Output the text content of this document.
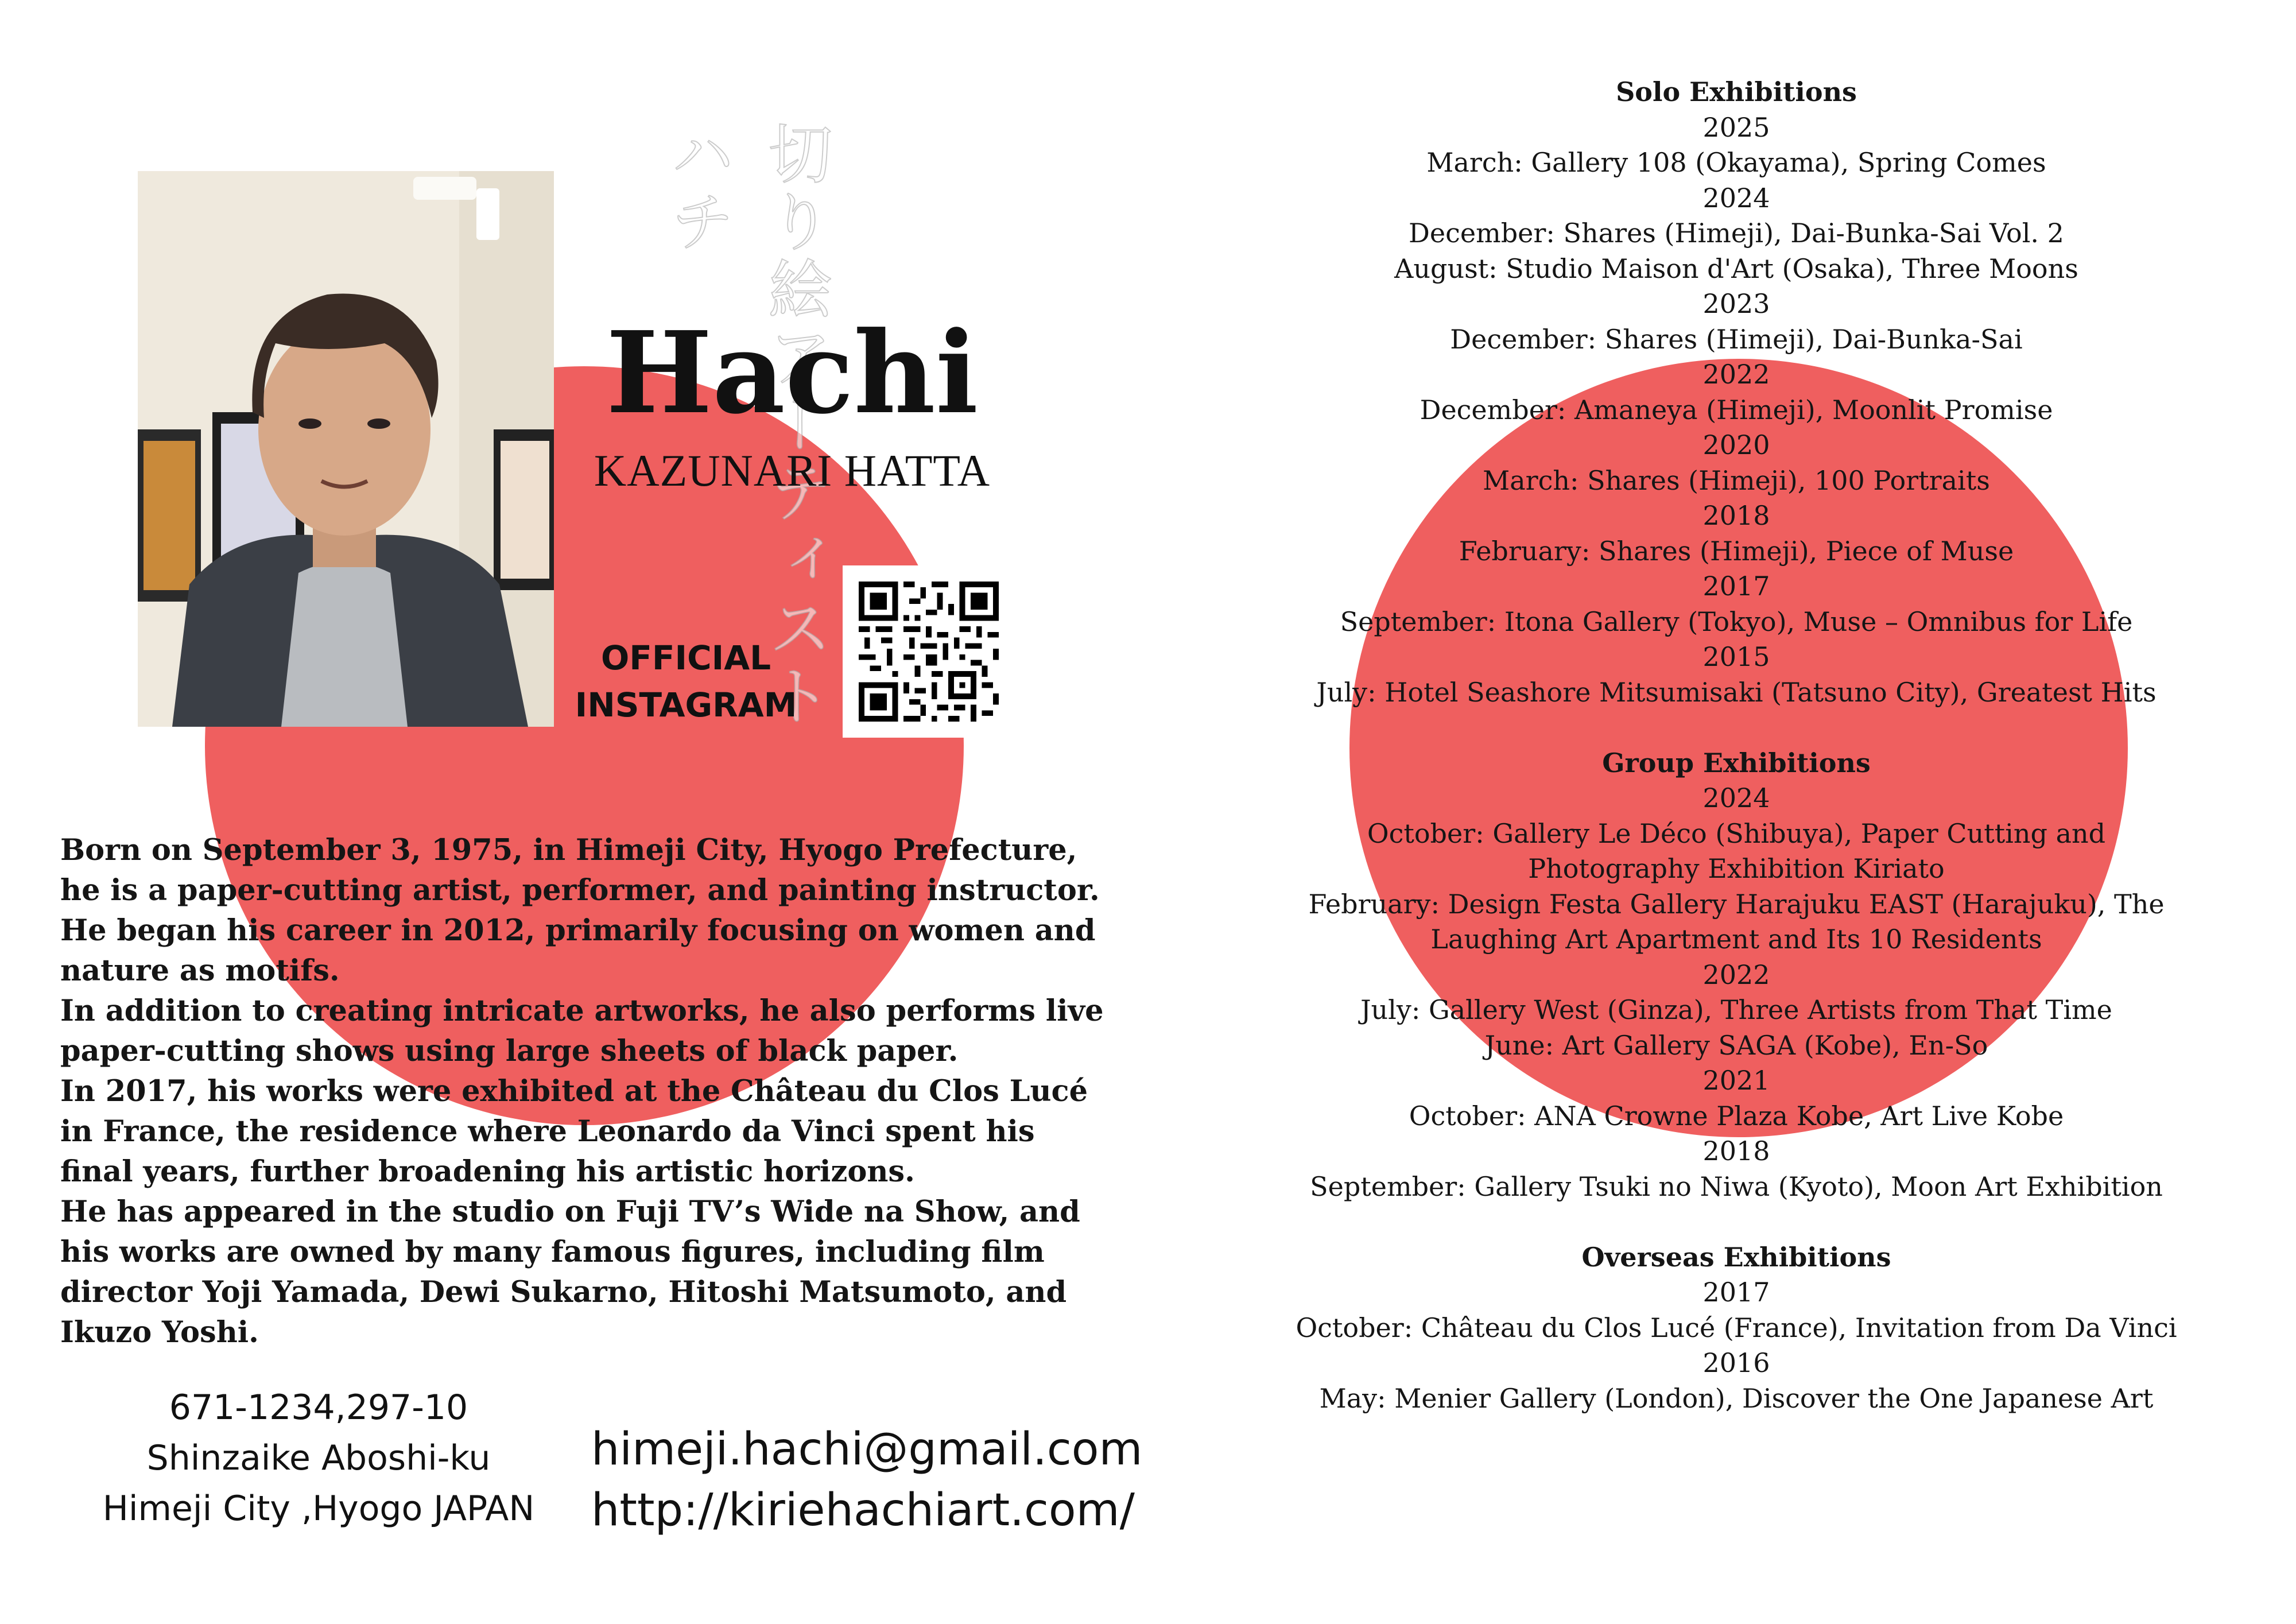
切り絵アーティストハチ
Hachi
KAZUNARI HATTA
OFFICIAL
INSTAGRAM

Born on September 3, 1975, in Himeji City, Hyogo Prefecture,

he is a paper-cutting artist, performer, and painting instructor.

He began his career in 2012, primarily focusing on women and nature as motifs.

In addition to creating intricate artworks, he also performs live paper-cutting shows using large sheets of black paper.

In 2017, his works were exhibited at the Château du Clos Lucé in France, the residence where Leonardo da Vinci spent his final years, further broadening his artistic horizons.

He has appeared in the studio on Fuji TV’s Wide na Show, and his works are owned by many famous figures, including film director Yoji Yamada, Dewi Sukarno, Hitoshi Matsumoto, and Ikuzo Yoshi.

671-1234,297-10
Shinzaike Aboshi-ku
Himeji City ,Hyogo JAPAN
himeji.hachi@gmail.com
http://kiriehachiart.com/
Solo Exhibitions
2025
March: Gallery 108 (Okayama), Spring Comes
2024
December: Shares (Himeji), Dai-Bunka-Sai Vol. 2
August: Studio Maison d'Art (Osaka), Three Moons
2023
December: Shares (Himeji), Dai-Bunka-Sai
2022
December: Amaneya (Himeji), Moonlit Promise
2020
March: Shares (Himeji), 100 Portraits
2018
February: Shares (Himeji), Piece of Muse
2017
September: Itona Gallery (Tokyo), Muse – Omnibus for Life
2015
July: Hotel Seashore Mitsumisaki (Tatsuno City), Greatest Hits
Group Exhibitions
2024
October: Gallery Le Déco (Shibuya), Paper Cutting and
Photography Exhibition Kiriato
February: Design Festa Gallery Harajuku EAST (Harajuku), The
Laughing Art Apartment and Its 10 Residents
2022
July: Gallery West (Ginza), Three Artists from That Time
June: Art Gallery SAGA (Kobe), En-So
2021
October: ANA Crowne Plaza Kobe, Art Live Kobe
2018
September: Gallery Tsuki no Niwa (Kyoto), Moon Art Exhibition
Overseas Exhibitions
2017
October: Château du Clos Lucé (France), Invitation from Da Vinci
2016
May: Menier Gallery (London), Discover the One Japanese Art
